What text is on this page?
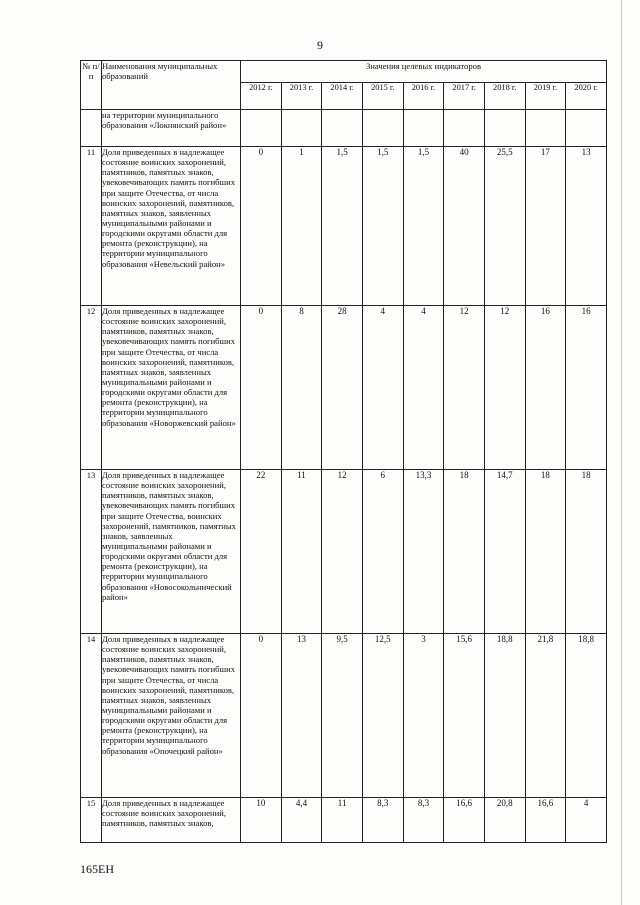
9
№ п/п	Наименования муниципальных образований	Значения целевых индикаторов								
		2012 г.	2013 г.	2014 г.	2015 г.	2016 г.	2017 г.	2018 г.	2019 г.	2020 г.
	на территории муниципального образования «Локнянский район»									
11	Доля приведенных в надлежащее состояние воинских захоронений, памятников, памятных знаков, увековечивающих память погибших при защите Отечества, от числа воинских захоронений, памятников, памятных знаков, заявленных муниципальными районами и городскими округами области для ремонта (реконструкции), на территории муниципального образования «Невельский район»	0	1	1,5	1,5	1,5	40	25,5	17	13
12	Доля приведенных в надлежащее состояние воинских захоронений, памятников, памятных знаков, увековечивающих память погибших при защите Отечества, от числа воинских захоронений, памятников, памятных знаков, заявленных муниципальными районами и городскими округами области для ремонта (реконструкции), на территории муниципального образования «Новоржевский район»	0	8	28	4	4	12	12	16	16
13	Доля приведенных в надлежащее состояние воинских захоронений, памятников, памятных знаков, увековечивающих память погибших при защите Отечества, воинских захоронений, памятников, памятных знаков, заявленных муниципальными районами и городскими округами области для ремонта (реконструкции), на территории муниципального образования «Новосокольнический район»	22	11	12	6	13,3	18	14,7	18	18
14	Доля приведенных в надлежащее состояние воинских захоронений, памятников, памятных знаков, увековечивающих память погибших при защите Отечества, от числа воинских захоронений, памятников, памятных знаков, заявленных муниципальными районами и городскими округами области для ремонта (реконструкции), на территории муниципального образования «Опочецкий район»	0	13	9,5	12,5	3	15,6	18,8	21,8	18,8
15	Доля приведенных в надлежащее состояние воинских захоронений, памятников, памятных знаков,	10	4,4	11	8,3	8,3	16,6	20,8	16,6	4
165ЕН
